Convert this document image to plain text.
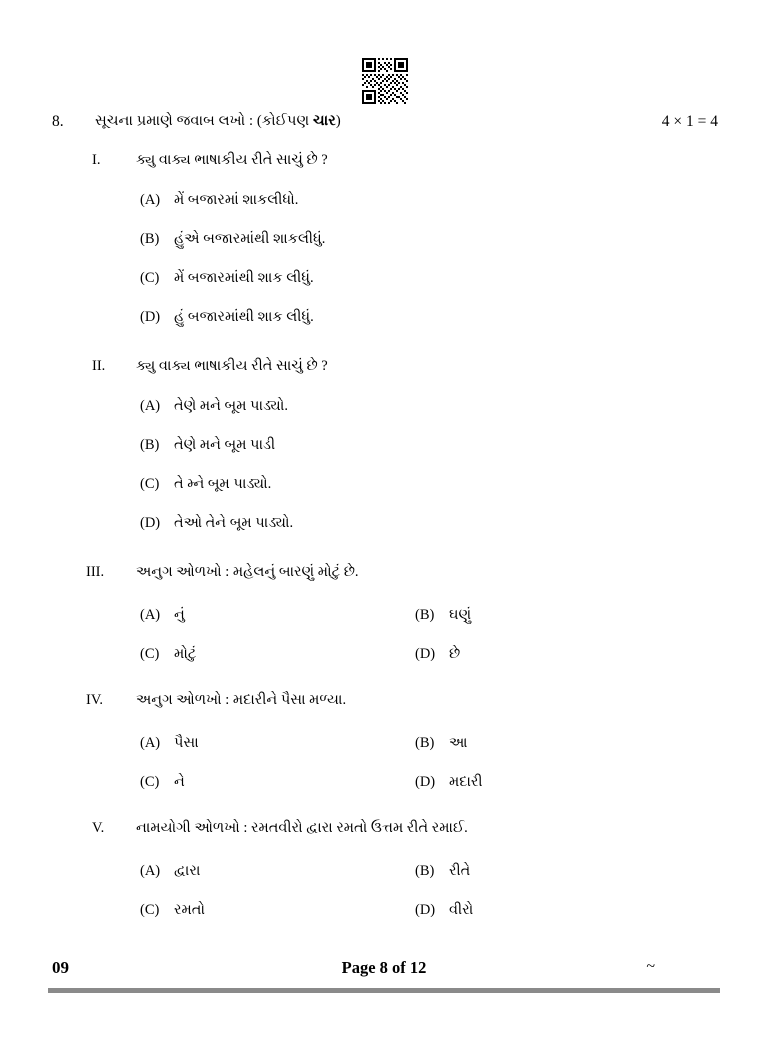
8. સૂચના પ્રમાણે જવાબ લખો : (કોઈપણ ચાર)	4 × 1 = 4
I.	ક્યુ વાક્ય ભાષાકીય રીતે સાચું છે ?
(A) મેં બજારમાં શાકલીધો.
(B) હુંએ બજારમાંથી શાકલીધું.
(C) મેં બજારમાંથી શાક લીધું.
(D) હું બજારમાંથી શાક લીધું.
II.	ક્યુ વાક્ય ભાષાકીય રીતે સાચું છે ?
(A) તેણે મને બૂમ પાડ્યો.
(B) તેણે મને બૂમ પાડી
(C) તે મ્ને બૂમ પાડ્યો.
(D) તેઓ તેને બૂમ પાડ્યો.
III.	અનુગ ઓળખો : મહેલનું બારણું મોટું છે.
(A) નું	(B) ઘણું
(C) મોટું	(D) છે
IV.	અનુગ ઓળખો : મદારીને પૈસા મળ્યા.
(A) પૈસા	(B) આ
(C) ને	(D) મદારી
V.	નામયોગી ઓળખો : રમતવીરો દ્વારા રમતો ઉત્તમ રીતે રમાઈ.
(A) દ્વારા	(B) રીતે
(C) રમતો	(D) વીરો
09	Page 8 of 12	~
